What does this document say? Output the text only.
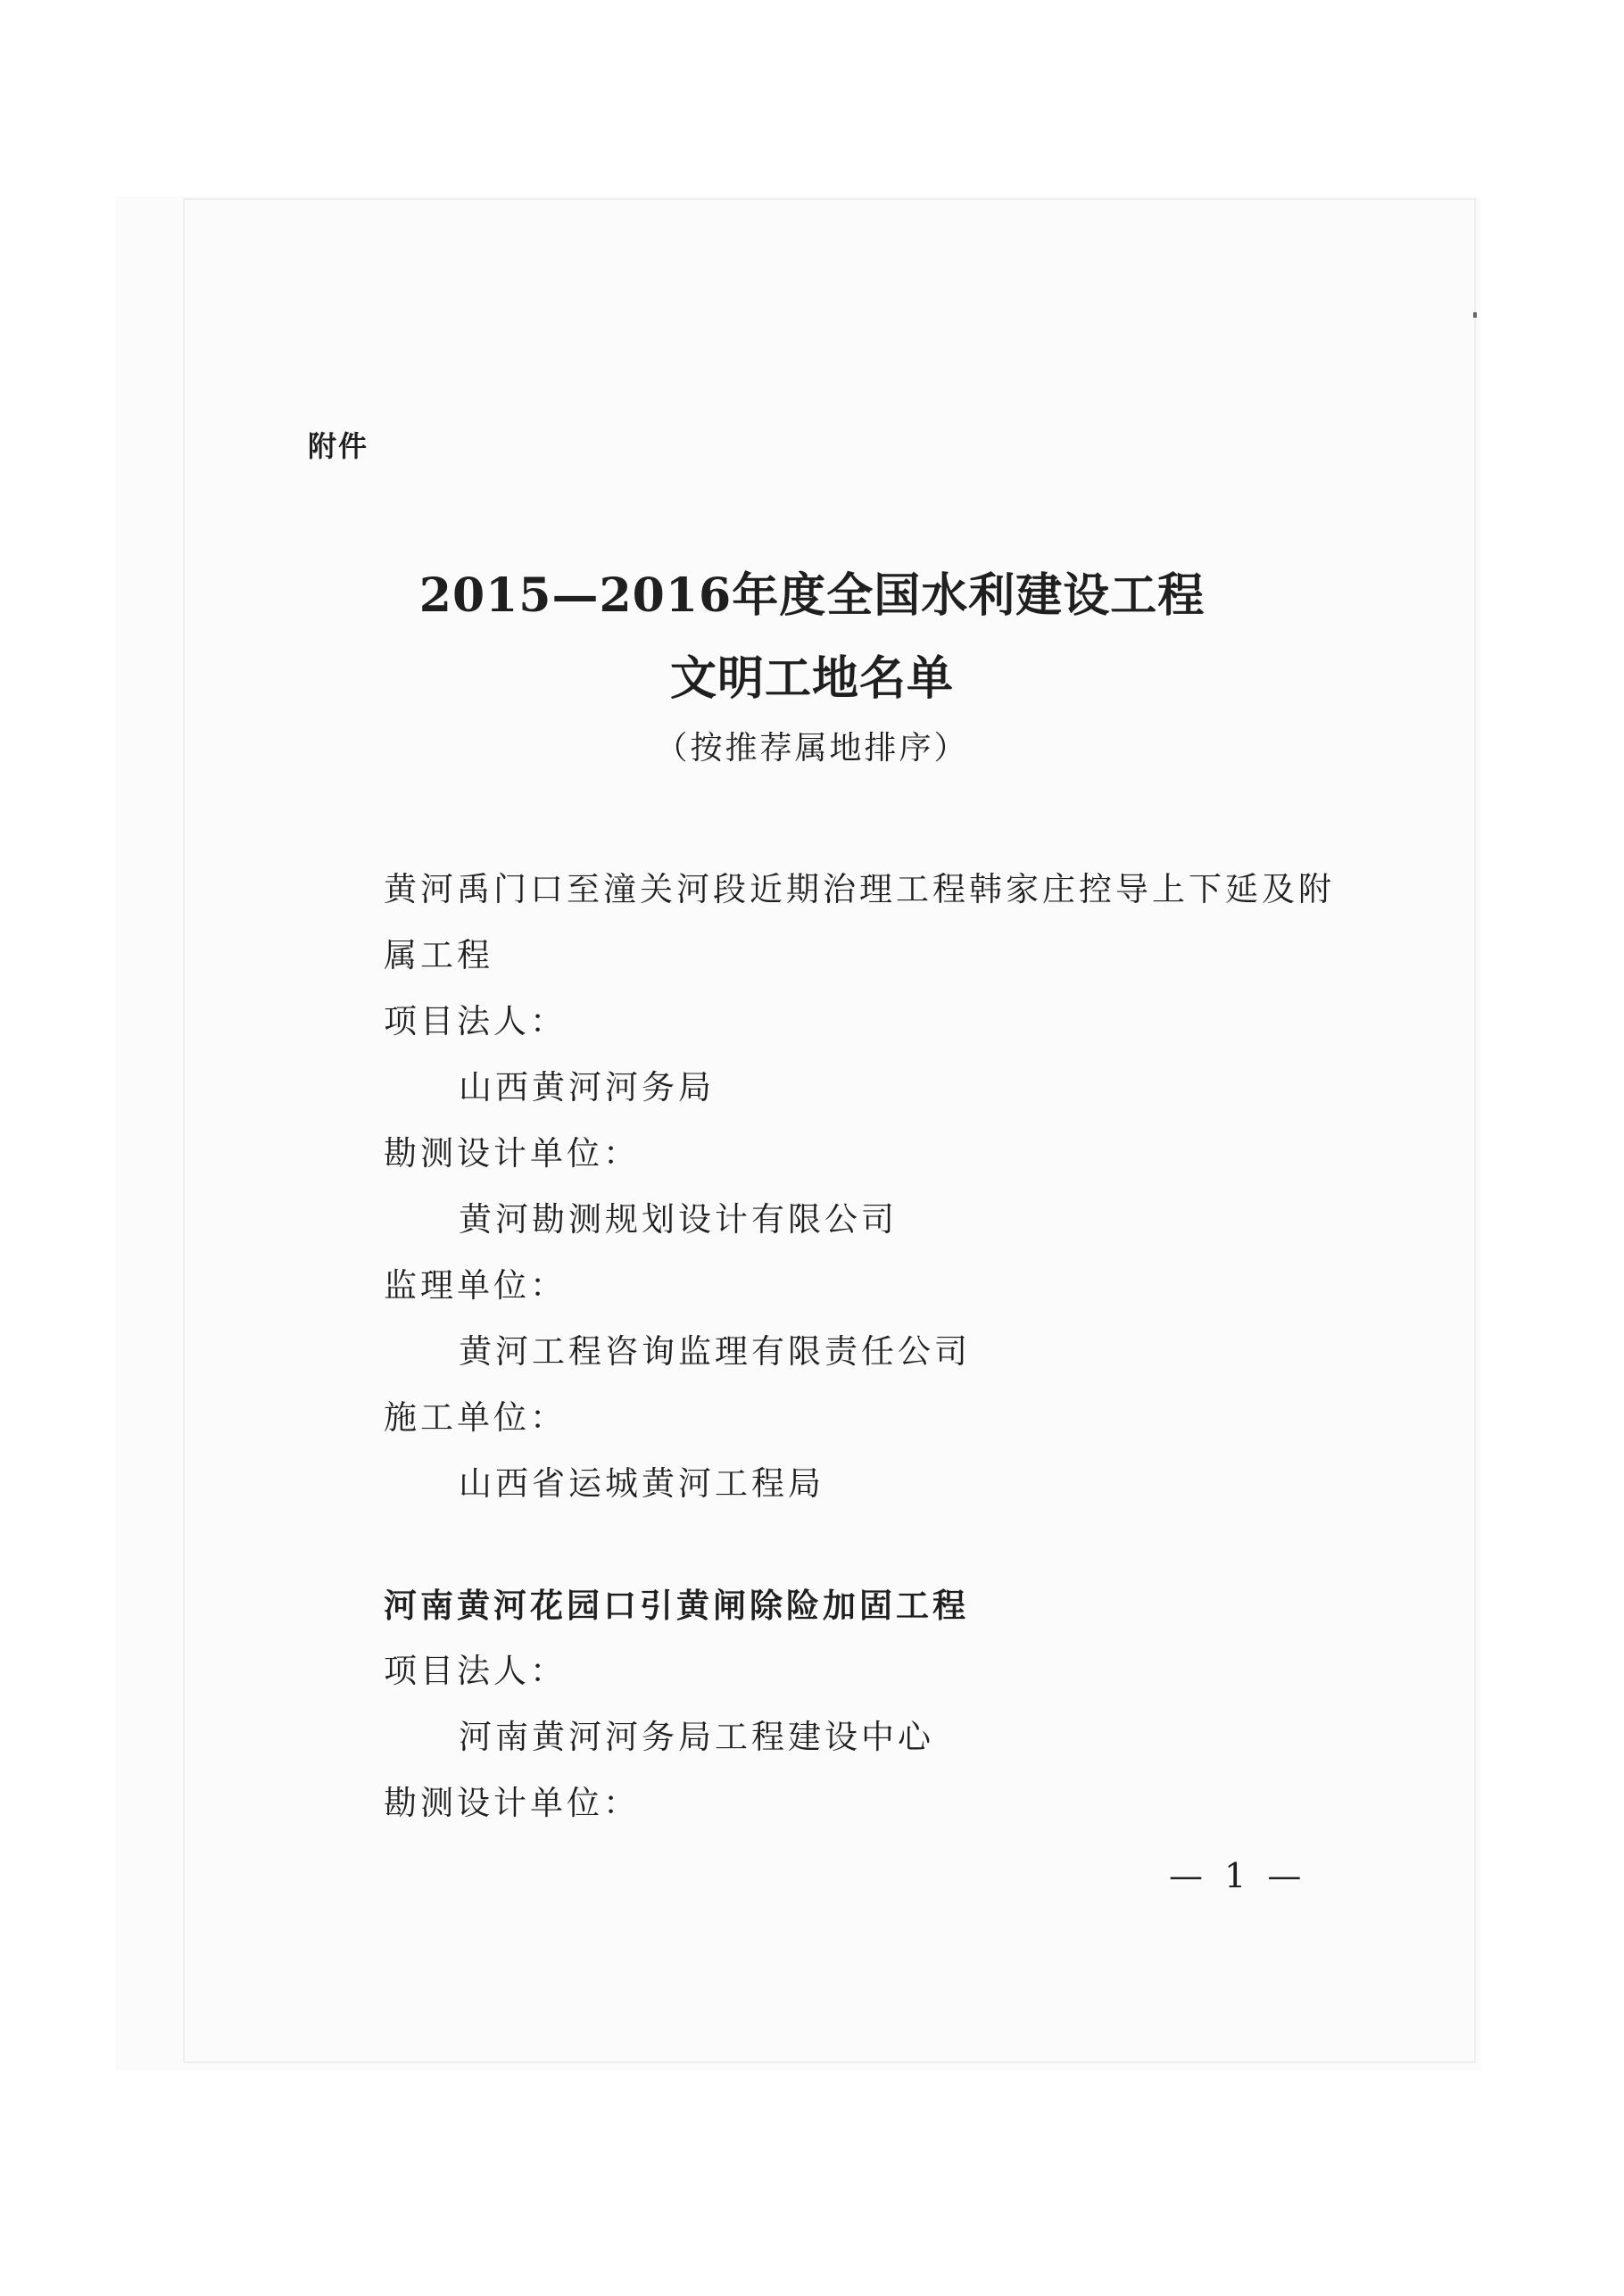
附件
2015—2016年度全国水利建设工程
文明工地名单
（按推荐属地排序）
黄河禹门口至潼关河段近期治理工程韩家庄控导上下延及附
属工程
项目法人：
山西黄河河务局
勘测设计单位：
黄河勘测规划设计有限公司
监理单位：
黄河工程咨询监理有限责任公司
施工单位：
山西省运城黄河工程局
河南黄河花园口引黄闸除险加固工程
项目法人：
河南黄河河务局工程建设中心
勘测设计单位：
— 1 —
